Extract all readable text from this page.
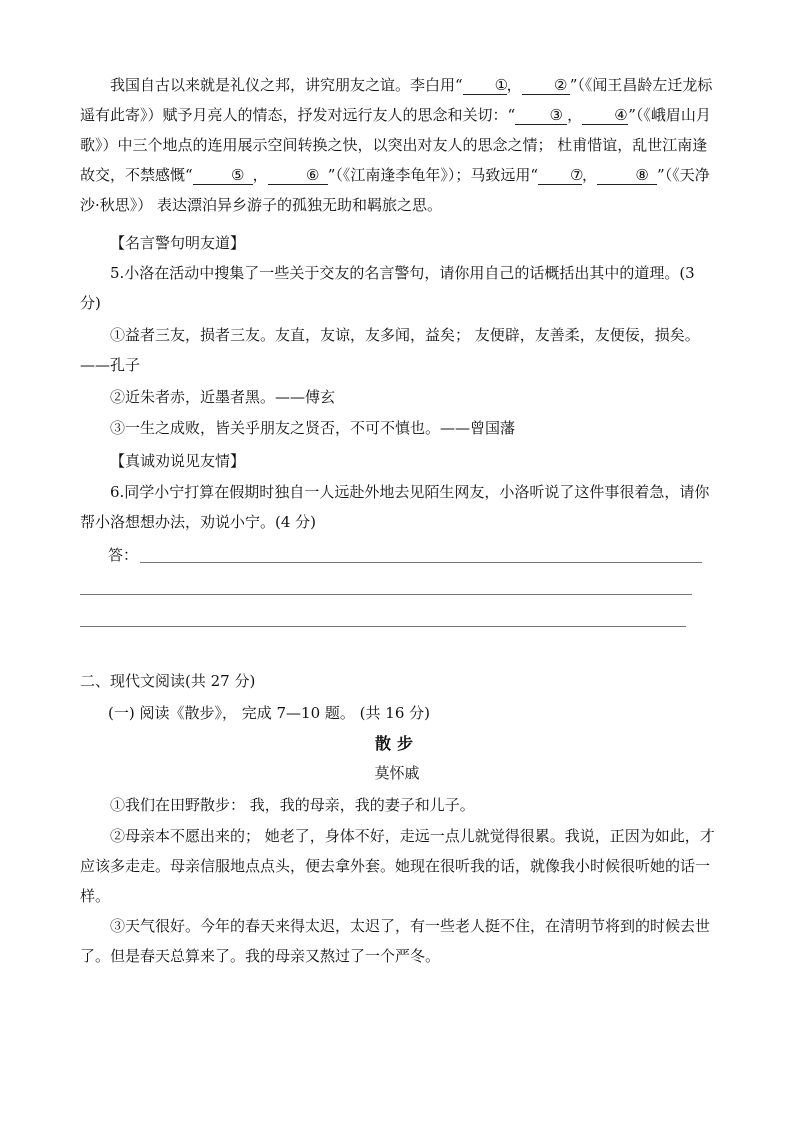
我国自古以来就是礼仪之邦，讲究朋友之谊。李白用“ ①， ② ”（《闻王昌龄左迁龙标遥有此寄》）赋予月亮人的情态，抒发对远行友人的思念和关切：“ ③ ， ④”（《峨眉山月歌》）中三个地点的连用展示空间转换之快，以突出对友人的思念之情； 杜甫惜谊，乱世江南逢故交，不禁感慨“	⑤ ，	⑥ ”（《江南逢李龟年》）；马致远用“ ⑦，	⑧ ”（《天净沙·秋思》） 表达漂泊异乡游子的孤独无助和羁旅之思。

【名言警句明友道】

5.小洛在活动中搜集了一些关于交友的名言警句，请你用自己的话概括出其中的道理。(3 分)

①益者三友，损者三友。友直，友谅，友多闻，益矣； 友便辟，友善柔，友便佞，损矣。——孔子

②近朱者赤，近墨者黑。——傅玄

③一生之成败，皆关乎朋友之贤否，不可不慎也。——曾国藩

【真诚劝说见友情】

6.同学小宁打算在假期时独自一人远赴外地去见陌生网友，小洛听说了这件事很着急，请你帮小洛想想办法，劝说小宁。(4 分)

答：

二、现代文阅读(共 27 分)

(一) 阅读《散步》， 完成 7—10 题。 (共 16 分)

散步

莫怀戚

①我们在田野散步： 我，我的母亲，我的妻子和儿子。

②母亲本不愿出来的； 她老了，身体不好，走远一点儿就觉得很累。我说，正因为如此，才应该多走走。母亲信服地点点头，便去拿外套。她现在很听我的话，就像我小时候很听她的话一样。

③天气很好。今年的春天来得太迟，太迟了，有一些老人挺不住，在清明节将到的时候去世了。但是春天总算来了。我的母亲又熬过了一个严冬。
